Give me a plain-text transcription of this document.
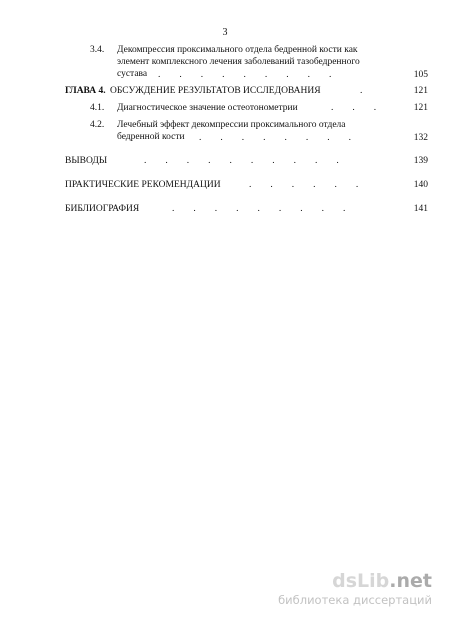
3
3.4. Декомпрессия проксимального отдела бедренной кости как
элемент комплексного лечения заболеваний тазобедренного
сустава .        .        .        .        .        .        .        .        .	105
ГЛАВА 4. ОБСУЖДЕНИЕ РЕЗУЛЬТАТОВ ИССЛЕДОВАНИЯ	.	121
4.1. Диагностическое значение остеотонометрии	.        .        .	121
4.2. Лечебный эффект декомпрессии проксимального отдела
бедренной кости .        .        .        .        .        .        .        .	132
ВЫВОДЫ	.        .        .        .        .        .        .        .        .        .	139
ПРАКТИЧЕСКИЕ РЕКОМЕНДАЦИИ	.        .        .        .        .        .	140
БИБЛИОГРАФИЯ	.        .        .        .        .        .        .        .        .	141
dsLib.net
библиотека диссертаций
